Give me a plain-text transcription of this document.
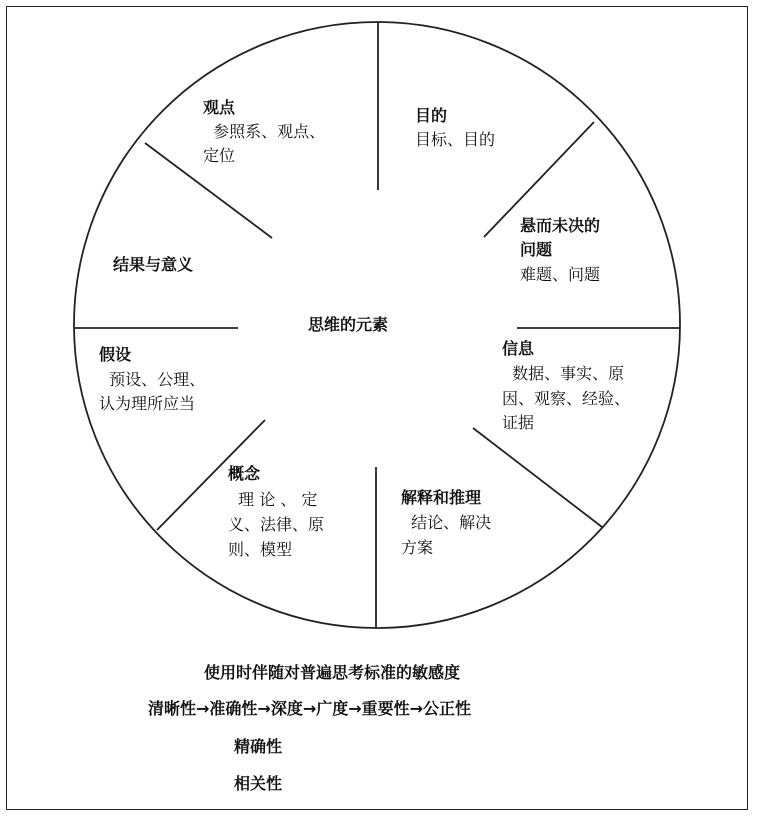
思维的元素
观点
参照系、观点、
定位
目的
目标、目的
悬而未决的
问题
难题、问题
信息
数据、事实、原
因、观察、经验、
证据
解释和推理
结论、解决
方案
概念
理 论 、 定
义、法律、原
则、模型
假设
预设、公理、
认为理所应当
结果与意义
使用时伴随对普遍思考标准的敏感度
清晰性→准确性→深度→广度→重要性→公正性
精确性
相关性
